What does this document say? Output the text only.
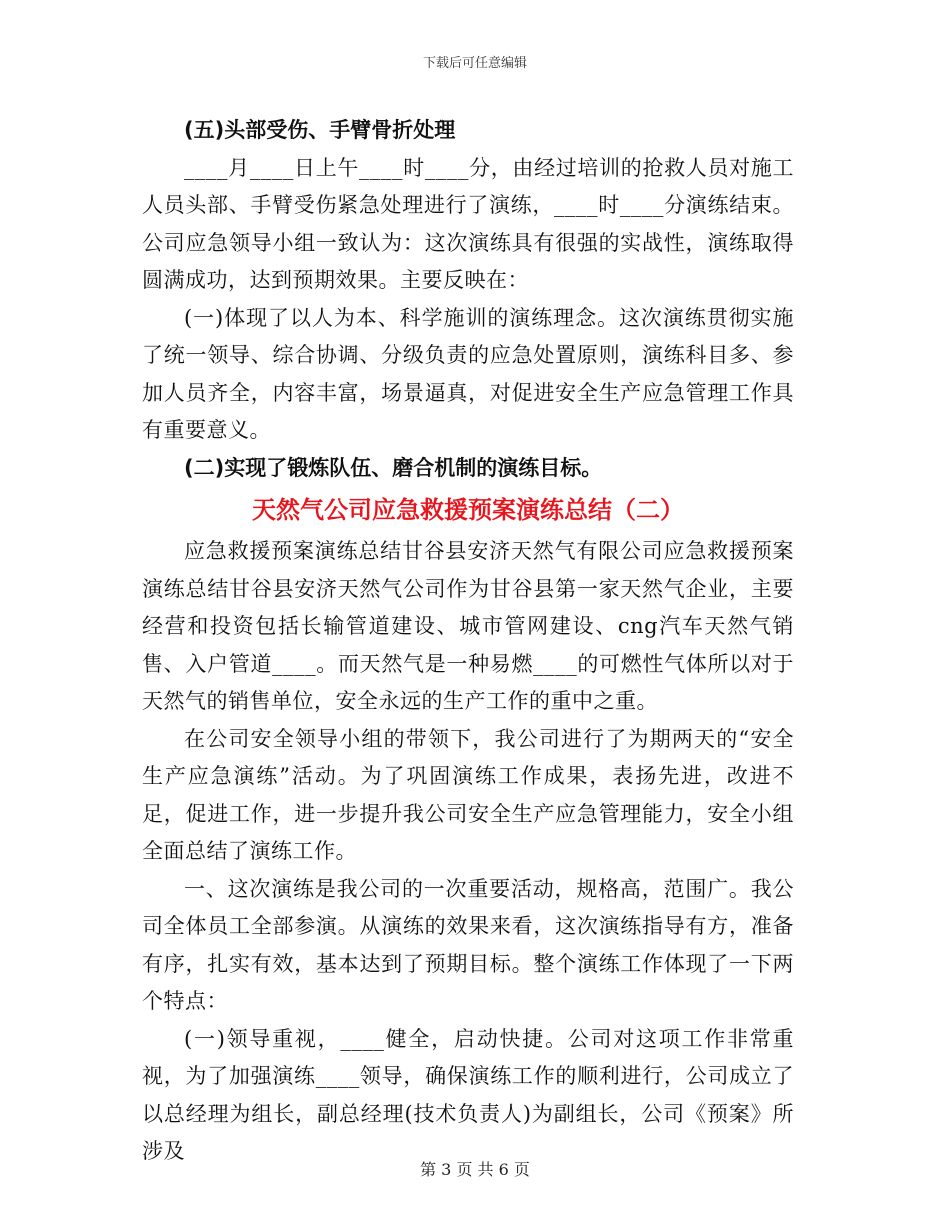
下载后可任意编辑

(五)头部受伤、手臂骨折处理

____月____日上午____时____分，由经过培训的抢救人员对施工人员头部、手臂受伤紧急处理进行了演练，____时____分演练结束。公司应急领导小组一致认为：这次演练具有很强的实战性，演练取得圆满成功，达到预期效果。主要反映在：

(一)体现了以人为本、科学施训的演练理念。这次演练贯彻实施了统一领导、综合协调、分级负责的应急处置原则，演练科目多、参加人员齐全，内容丰富，场景逼真，对促进安全生产应急管理工作具有重要意义。

(二)实现了锻炼队伍、磨合机制的演练目标。

天然气公司应急救援预案演练总结（二）

应急救援预案演练总结甘谷县安济天然气有限公司应急救援预案演练总结甘谷县安济天然气公司作为甘谷县第一家天然气企业，主要经营和投资包括长输管道建设、城市管网建设、cng汽车天然气销售、入户管道____。而天然气是一种易燃____的可燃性气体所以对于天然气的销售单位，安全永远的生产工作的重中之重。

在公司安全领导小组的带领下，我公司进行了为期两天的“安全生产应急演练”活动。为了巩固演练工作成果，表扬先进，改进不足，促进工作，进一步提升我公司安全生产应急管理能力，安全小组全面总结了演练工作。

一、这次演练是我公司的一次重要活动，规格高，范围广。我公司全体员工全部参演。从演练的效果来看，这次演练指导有方，准备有序，扎实有效，基本达到了预期目标。整个演练工作体现了一下两个特点：

(一)领导重视，____健全，启动快捷。公司对这项工作非常重视，为了加强演练____领导，确保演练工作的顺利进行，公司成立了以总经理为组长，副总经理(技术负责人)为副组长，公司《预案》所涉及

第 3 页 共 6 页
